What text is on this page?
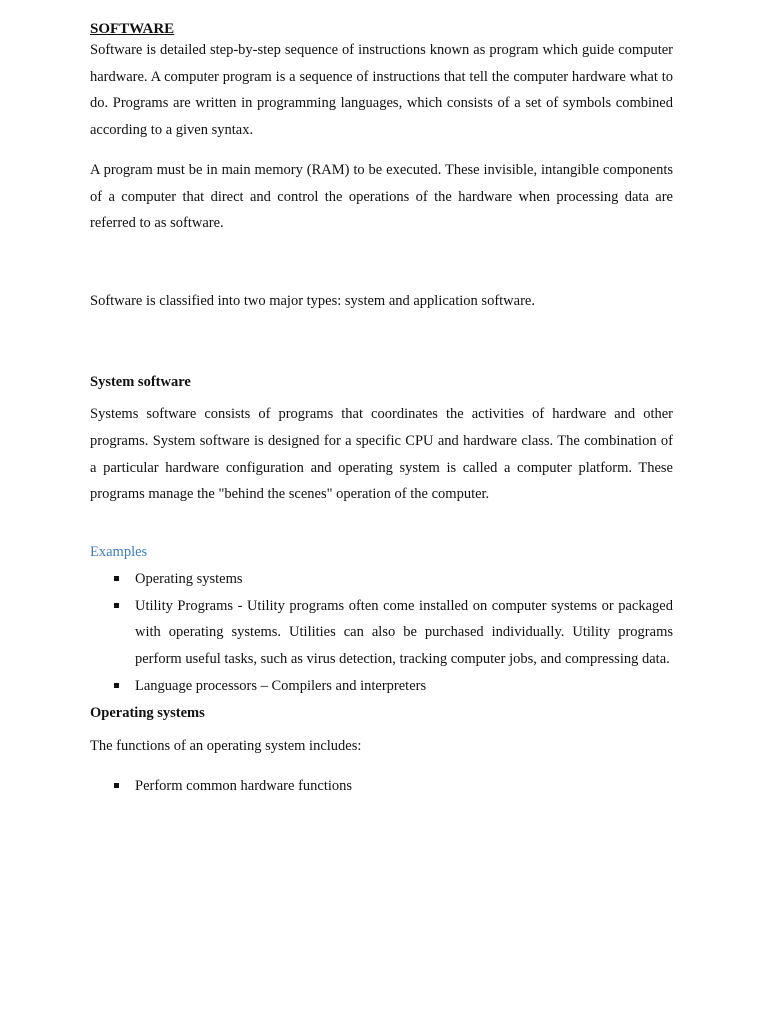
SOFTWARE

Software is detailed step-by-step sequence of instructions known as program which guide computer hardware. A computer program is a sequence of instructions that tell the computer hardware what to do. Programs are written in programming languages, which consists of a set of symbols combined according to a given syntax.

A program must be in main memory (RAM) to be executed. These invisible, intangible components of a computer that direct and control the operations of the hardware when processing data are referred to as software.

Software is classified into two major types: system and application software.

System software

Systems software consists of programs that coordinates the activities of hardware and other programs. System software is designed for a specific CPU and hardware class. The combination of a particular hardware configuration and operating system is called a computer platform. These programs manage the "behind the scenes" operation of the computer.

Examples
Operating systems
Utility Programs - Utility programs often come installed on computer systems or packaged with operating systems. Utilities can also be purchased individually. Utility programs perform useful tasks, such as virus detection, tracking computer jobs, and compressing data.
Language processors – Compilers and interpreters
Operating systems

The functions of an operating system includes:

Perform common hardware functions
